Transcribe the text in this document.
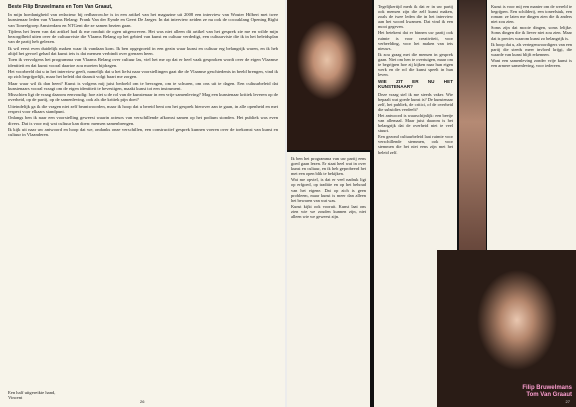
Beste Filip Bruwelmans en Tom Van Graaut,

In mijn hoedanigheid van redacteur bij redbarrow.be is in een artikel van het magazine uit 2008 een interview van Wouter Hilbert met twee kunstenaar leden van Vlaams Belang: Frank Van der Eynde en Geert De Jaeger. In dat interview zeiden ze nu ook de cocoaklang Opening Right van Toneelgroep Amsterdam en NTGent die ze samen bezien gaan.

Tijdens het lezen van dat artikel had ik me ronduit de ogen uitgewreven. Het was niet alleen dit artikel van het gesprek zie me en wilde mijn bezorgdheid uiten over de cultuurvisie die Vlaams Belang op het gebied van kunst en cultuur verdedigt, een cultuurvisie die ik in het beleidsplan van de partij heb gelezen.

Ik wil eerst even duidelijk maken waar ik vandaan kom. Ik ben opgegroeid in een gezin waar kunst en cultuur erg belangrijk waren, en ik heb altijd het gevoel gehad dat kunst iets is dat mensen verbindt over grenzen heen.

Toen ik vervolgens het programma van Vlaams Belang over cultuur las, viel het me op dat er heel vaak gesproken wordt over de eigen Vlaamse identiteit en dat kunst vooral daartoe zou moeten bijdragen.

Het voorbeeld dat u in het interview geeft, namelijk dat u het liefst naar voorstellingen gaat die de Vlaamse geschiedenis in beeld brengen, vind ik op zich begrijpelijk, maar het beleid dat daaruit volgt baart me zorgen.

Maar waar wil ik dan heen? Kunst is volgens mij juist bedoeld om te bevragen, om te schuren, om ons uit te dagen. Een cultuurbeleid dat kunstenaars vooral vraagt om de eigen identiteit te bevestigen, maakt kunst tot een instrument.

Misschien ligt de vraag daarom eenvoudig: hoe ziet u de rol van de kunstenaar in een vrije samenleving? Mag een kunstenaar kritiek leveren op de overheid, op de partij, op de samenleving, ook als die kritiek pijn doet?

Uiteindelijk ga ik die vragen niet zelf beantwoorden, maar ik hoop dat u bereid bent om het gesprek hierover aan te gaan, in alle openheid en met respect voor elkaars standpunt.

Onlangs ben ik naar een voorstelling geweest waarin acteurs van verschillende afkomst samen op het podium stonden. Het publiek was even divers. Dat is voor mij wat cultuur kan doen: mensen samenbrengen.

Ik kijk uit naar uw antwoord en hoop dat we, ondanks onze verschillen, een constructief gesprek kunnen voeren over de toekomst van kunst en cultuur in Vlaanderen.

Een half uitgereikte hand,
Vincent
26

Ik ben het programma van uw partij eens goed gaan lezen. Er staat heel wat in over kunst en cultuur, en ik heb geprobeerd het met een open blik te bekijken.

Wat me opviel, is dat er veel nadruk ligt op erfgoed, op traditie en op het behoud van het eigene. Dat op zich is geen probleem, maar kunst is meer dan alleen het bewaren van wat was.

Kunst kijkt ook vooruit. Kunst laat ons zien wie we zouden kunnen zijn, niet alleen wie we geweest zijn.

Tegelijkertijd merk ik dat er in uw partij ook mensen zijn die zelf kunst maken, zoals de twee leden die in het interview aan het woord kwamen. Dat vind ik een mooi gegeven.

Het betekent dat er binnen uw partij ook ruimte is voor creativiteit, voor verbeelding, voor het maken van iets nieuws.

Ik zou graag met die mensen in gesprek gaan. Niet om hen te overtuigen, maar om te begrijpen hoe zij kijken naar hun eigen werk en de rol die kunst speelt in hun leven.

WIE ZIT ER NU HET KUNSTENAAR?

Deze vraag stel ik me steeds vaker. Wie bepaalt wat goede kunst is? De kunstenaar zelf, het publiek, de critici, of de overheid die subsidies verdeelt?

Het antwoord is waarschijnlijk: een beetje van allemaal. Maar juist daarom is het belangrijk dat de overheid niet te veel stuurt.

Een gezond cultuurbeleid laat ruimte voor verschillende stemmen, ook voor stemmen die het niet eens zijn met het beleid zelf.

Kunst is voor mij een manier om de wereld te begrijpen. Een schilderij, een toneelstuk, een roman: ze laten me dingen zien die ik anders niet zou zien.

Soms zijn dat mooie dingen, soms lelijke. Soms dingen die ik liever niet zou zien. Maar dat is precies waarom kunst zo belangrijk is.

Ik hoop dat u, als vertegenwoordigers van een partij die steeds meer invloed krijgt, die waarde van kunst blijft erkennen.

Want een samenleving zonder vrije kunst is een armere samenleving, voor iedereen.

Filip Bruwelmans
Tom Van Graaut
27
